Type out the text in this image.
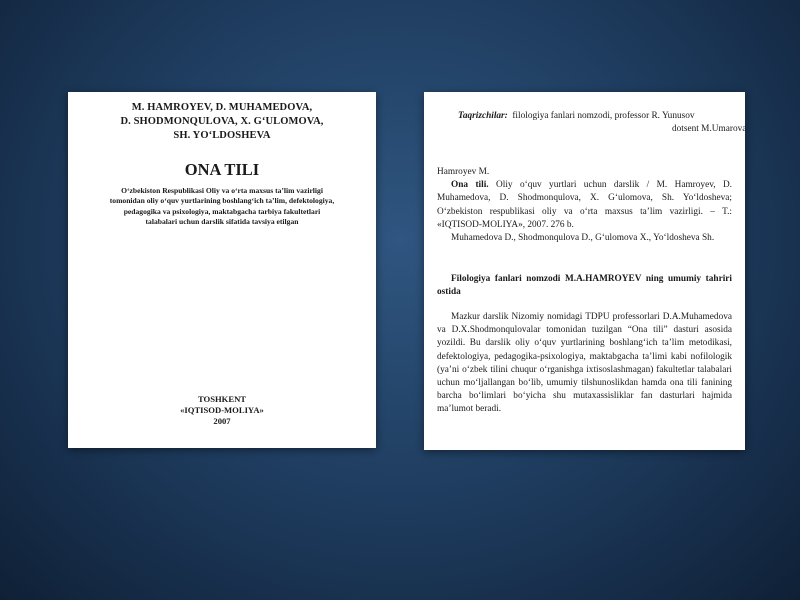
M. HAMROYEV, D. MUHAMEDOVA,
D. SHODMONQULOVA, X. G‘ULOMOVA,
SH. YO‘LDOSHEVA
ONA TILI
O‘zbekiston Respublikasi Oliy va o‘rta maxsus ta’lim vazirligi
tomonidan oliy o‘quv yurtlarining boshlang‘ich ta’lim, defektologiya,
pedagogika va psixologiya, maktabgacha tarbiya fakultetlari
talabalari uchun darslik sifatida tavsiya etilgan
TOSHKENT
«IQTISOD-MOLIYA»
2007
Taqrizchilar: filologiya fanlari nomzodi, professor R. Yunusov
dotsent M.Umarova

Hamroyev M.

Ona tili. Oliy o‘quv yurtlari uchun darslik / M. Hamroyev, D. Muhamedova, D. Shodmonqulova, X. G‘ulomova, Sh. Yo‘ldosheva; O‘zbekiston respublikasi oliy va o‘rta maxsus ta’lim vazirligi. – T.: «IQTISOD-MOLIYA», 2007. 276 b.

Muhamedova D., Shodmonqulova D., G‘ulomova X., Yo‘ldosheva Sh.

Filologiya fanlari nomzodi M.A.HAMROYEV ning umumiy tahriri ostida
Mazkur darslik Nizomiy nomidagi TDPU professorlari D.A.Muhamedova va D.X.Shodmonqulovalar tomonidan tuzilgan “Ona tili” dasturi asosida yozildi. Bu darslik oliy o‘quv yurtlarining boshlang‘ich ta’lim metodikasi, defektologiya, pedagogika-psixologiya, maktabgacha ta’limi kabi nofilologik (ya’ni o‘zbek tilini chuqur o‘rganishga ixtisoslashmagan) fakultetlar talabalari uchun mo‘ljallangan bo‘lib, umumiy tilshunoslikdan hamda ona tili fanining barcha bo‘limlari bo‘yicha shu mutaxassisliklar fan dasturlari hajmida ma’lumot beradi.
